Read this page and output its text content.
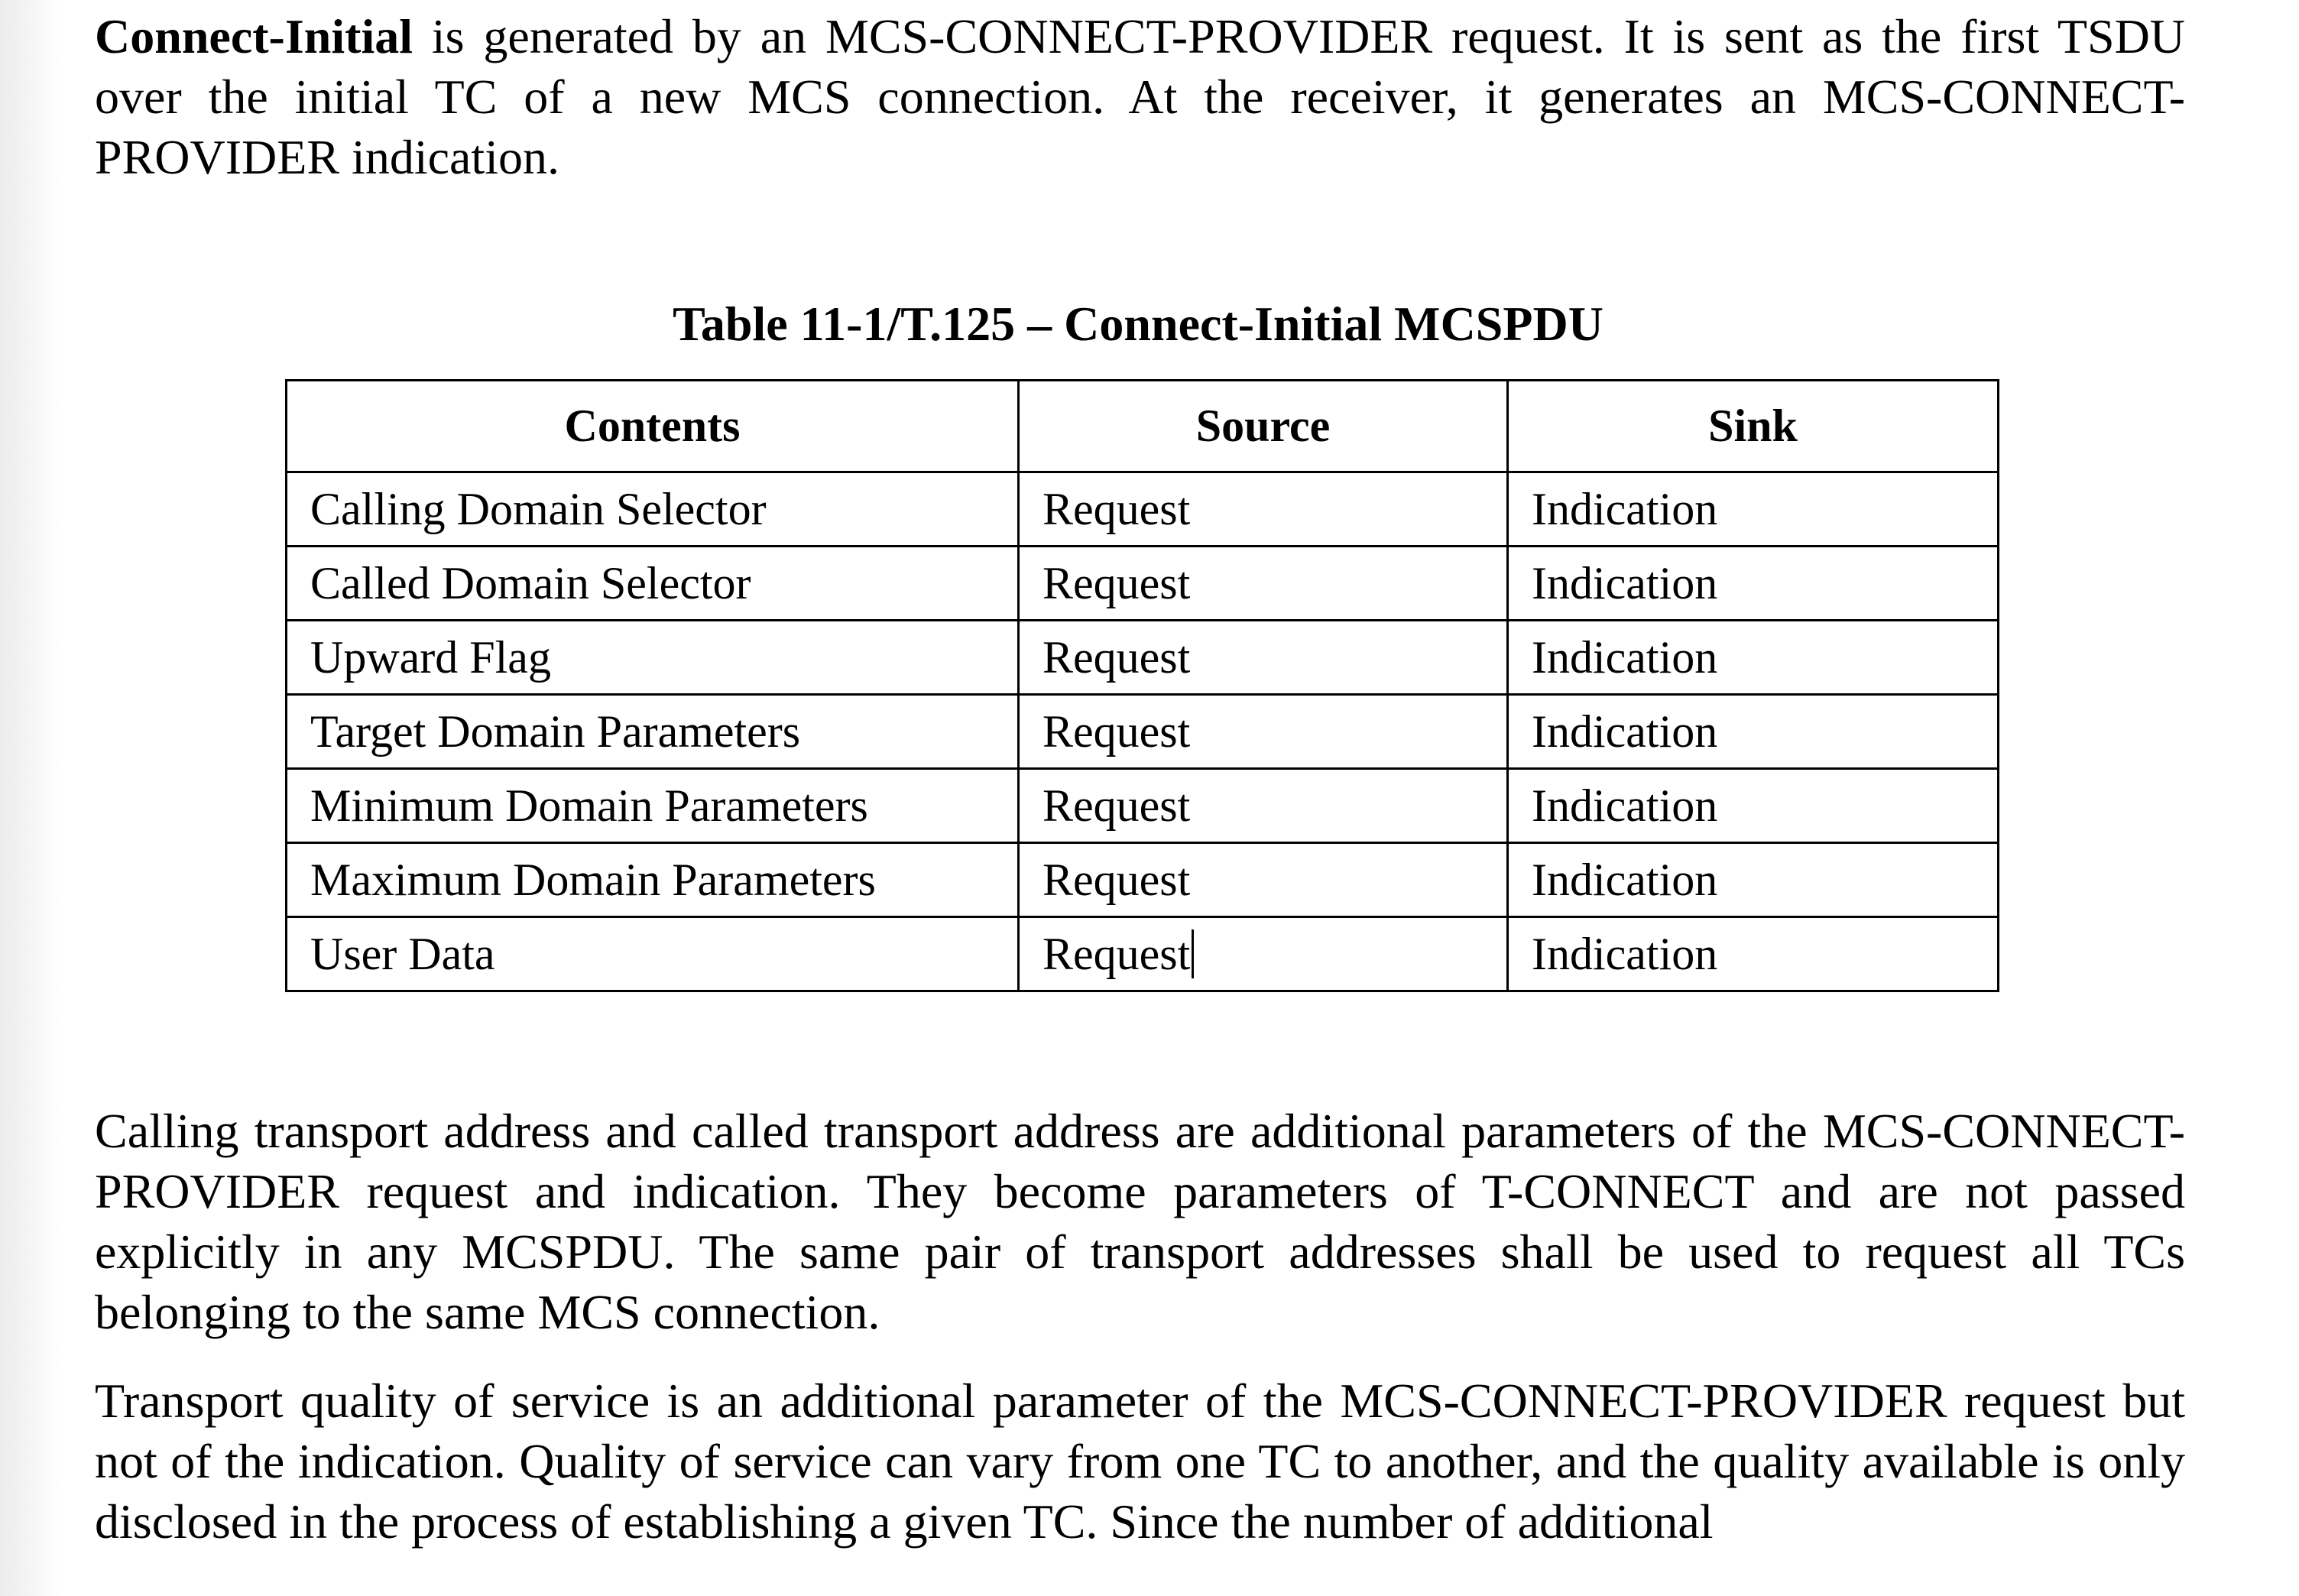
Connect-Initial is generated by an MCS-CONNECT-PROVIDER request. It is sent as the first TSDU over the initial TC of a new MCS connection. At the receiver, it generates an MCS-CONNECT-PROVIDER indication.

Table 11-1/T.125 – Connect-Initial MCSPDU
Contents	Source	Sink
Calling Domain Selector	Request	Indication
Called Domain Selector	Request	Indication
Upward Flag	Request	Indication
Target Domain Parameters	Request	Indication
Minimum Domain Parameters	Request	Indication
Maximum Domain Parameters	Request	Indication
User Data	Request	Indication

Calling transport address and called transport address are additional parameters of the MCS-CONNECT-PROVIDER request and indication. They become parameters of T-CONNECT and are not passed explicitly in any MCSPDU. The same pair of transport addresses shall be used to request all TCs belonging to the same MCS connection.

Transport quality of service is an additional parameter of the MCS-CONNECT-PROVIDER request but not of the indication. Quality of service can vary from one TC to another, and the quality available is only disclosed in the process of establishing a given TC. Since the number of additional
